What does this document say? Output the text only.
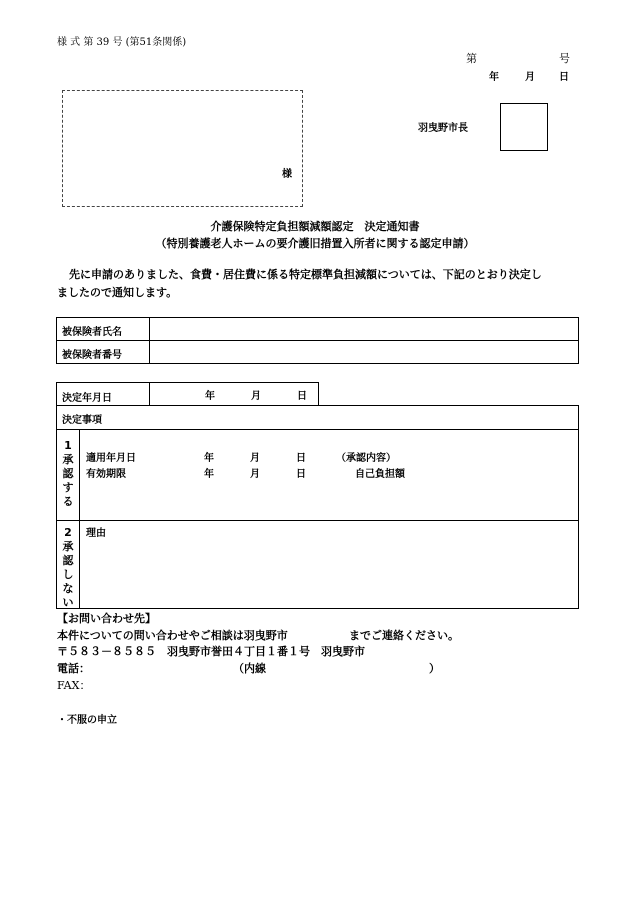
様 式 第 39 号 (第51条関係)
第	号
年	月 日
様
羽曳野市長
介護保険特定負担額減額認定　決定通知書
（特別養護老人ホームの要介護旧措置入所者に関する認定申請）
先に申請のありました、食費・居住費に係る特定標準負担減額については、下記のとおり決定し
ましたので通知します。
被保険者氏名
被保険者番号
決定年月日	年	月	日
決定事項
1
承
認
す
る
適用年月日	年	月	日	（承認内容）
有効期限	年	月	日	自己負担額
2
承
認
し
な
い
理由
【お問い合わせ先】
本件についての問い合わせやご相談は羽曳野市	までご連絡ください。
〒５８３－８５８５　羽曳野市誉田４丁目１番１号　羽曳野市
電話：	（内線	）
FAX：
・不服の申立
